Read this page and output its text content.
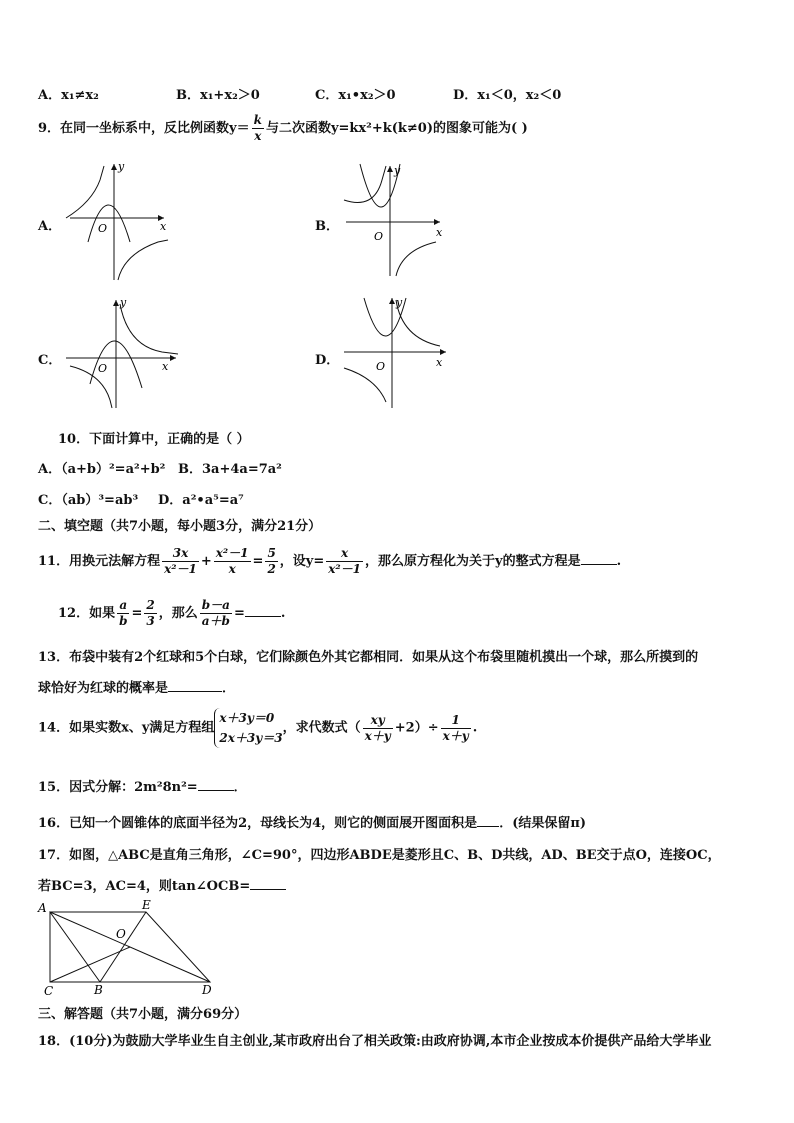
A．x₁≠x₂	B．x₁+x₂＞0	C．x₁•x₂＞0	D．x₁＜0，x₂＜0
9．在同一坐标系中，反比例函数$y= \frac{k}{x}$ 与二次函数y=kx²+k(k≠0)的图象可能为( )
A．	B．
C．	D．
y
x
O
y
x
O
y
x
O
y
x
O
10．下面计算中，正确的是（ ）
A．（a+b）²=a²+b² B．3a+4a=7a²
C．（ab）³=ab³ D．a²•a⁵=a⁷
二、填空题（共7小题，每小题3分，满分21分）
11．用换元法解方程 $\frac{3x}{\text{x²－1}} + \frac{\text{x²－1}}{x} = \frac{5}{2}$ ，设$y= \frac{x}{\text{x²－1}}$ ，那么原方程化为关于y的整式方程是	.
12．如果 $\frac{a}{b} = \frac{2}{3}$ ，那么 $\frac{b-a}{a+b}$ =	.
13．布袋中装有2个红球和5个白球，它们除颜色外其它都相同．如果从这个布袋里随机摸出一个球，那么所摸到的
球恰好为红球的概率是	．
14．如果实数x、y满足方程组
x＋3y＝0
2x＋3y＝3
，求代数式（ $\frac{xy}{x+y} +2)\div \frac{1}{x+y}$ .
15．因式分解：2m²8n²=	．
16．已知一个圆锥体的底面半径为2，母线长为4，则它的侧面展开图面积是 ．(结果保留π)
17．如图，△ABC是直角三角形，∠C=90°，四边形ABDE是菱形且C、B、D共线，AD、BE交于点O，连接OC，
若BC=3，AC=4，则tan∠OCB=
A	E
O
C	B	D
三、解答题（共7小题，满分69分）
18．(10分)为鼓励大学毕业生自主创业,某市政府出台了相关政策:由政府协调,本市企业按成本价提供产品给大学毕业
